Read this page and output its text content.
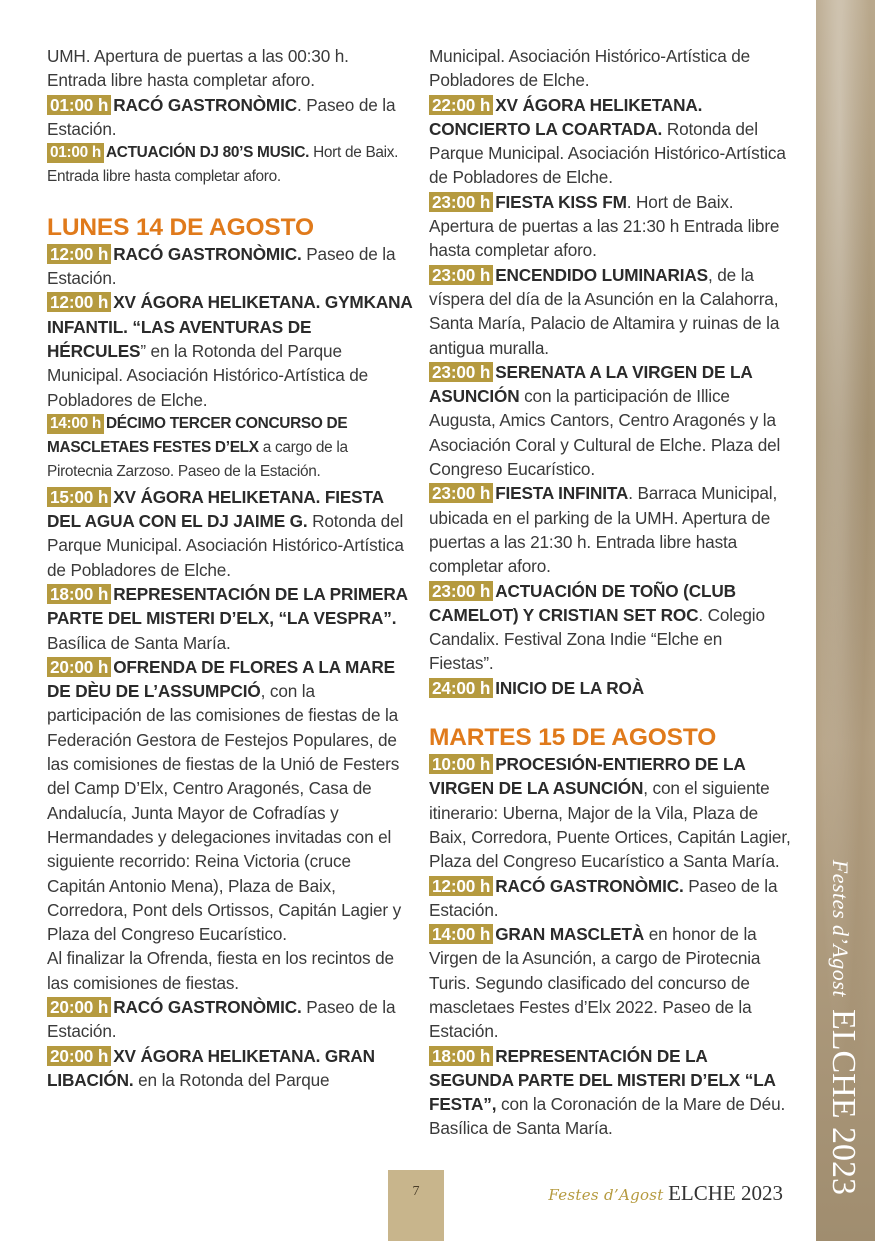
UMH. Apertura de puertas a las 00:30 h. Entrada libre hasta completar aforo.

01:00 h RACÓ GASTRONÒMIC. Paseo de la Estación.

01:00 h ACTUACIÓN DJ 80’S MUSIC. Hort de Baix. Entrada libre hasta completar aforo.

LUNES 14 DE AGOSTO

12:00 h RACÓ GASTRONÒMIC. Paseo de la Estación.

12:00 h XV ÁGORA HELIKETANA. GYMKANA INFANTIL. “LAS AVENTURAS DE HÉRCULES” en la Rotonda del Parque Municipal. Asociación Histórico-Artística de Pobladores de Elche.

14:00 h DÉCIMO TERCER CONCURSO DE MASCLETAES FESTES D’ELX a cargo de la Pirotecnia Zarzoso. Paseo de la Estación.

15:00 h XV ÁGORA HELIKETANA. FIESTA DEL AGUA CON EL DJ JAIME G. Rotonda del Parque Municipal. Asociación Histórico-Artística de Pobladores de Elche.

18:00 h REPRESENTACIÓN DE LA PRIMERA PARTE DEL MISTERI D’ELX, “LA VESPRA”. Basílica de Santa María.

20:00 h OFRENDA DE FLORES A LA MARE DE DÈU DE L’ASSUMPCIÓ, con la participación de las comisiones de fiestas de la Federación Gestora de Festejos Populares, de las comisiones de fiestas de la Unió de Festers del Camp D’Elx, Centro Aragonés, Casa de Andalucía, Junta Mayor de Cofradías y Hermandades y delegaciones invitadas con el siguiente recorrido: Reina Victoria (cruce Capitán Antonio Mena), Plaza de Baix, Corredora, Pont dels Ortissos, Capitán Lagier y Plaza del Congreso Eucarístico.

Al finalizar la Ofrenda, fiesta en los recintos de las comisiones de fiestas.

20:00 h RACÓ GASTRONÒMIC. Paseo de la Estación.

20:00 h XV ÁGORA HELIKETANA. GRAN LIBACIÓN. en la Rotonda del Parque

Municipal. Asociación Histórico-Artística de Pobladores de Elche.

22:00 h XV ÁGORA HELIKETANA. CONCIERTO LA COARTADA. Rotonda del Parque Municipal. Asociación Histórico-Artística de Pobladores de Elche.

23:00 h FIESTA KISS FM. Hort de Baix. Apertura de puertas a las 21:30 h Entrada libre hasta completar aforo.

23:00 h ENCENDIDO LUMINARIAS, de la víspera del día de la Asunción en la Calahorra, Santa María, Palacio de Altamira y ruinas de la antigua muralla.

23:00 h SERENATA A LA VIRGEN DE LA ASUNCIÓN con la participación de Illice Augusta, Amics Cantors, Centro Aragonés y la Asociación Coral y Cultural de Elche. Plaza del Congreso Eucarístico.

23:00 h FIESTA INFINITA. Barraca Municipal, ubicada en el parking de la UMH. Apertura de puertas a las 21:30 h. Entrada libre hasta completar aforo.

23:00 h ACTUACIÓN DE TOÑO (CLUB CAMELOT) Y CRISTIAN SET ROC. Colegio Candalix. Festival Zona Indie “Elche en Fiestas”.

24:00 h INICIO DE LA ROÀ

MARTES 15 DE AGOSTO

10:00 h PROCESIÓN-ENTIERRO DE LA VIRGEN DE LA ASUNCIÓN, con el siguiente itinerario: Uberna, Major de la Vila, Plaza de Baix, Corredora, Puente Ortices, Capitán Lagier, Plaza del Congreso Eucarístico a Santa María.

12:00 h RACÓ GASTRONÒMIC. Paseo de la Estación.

14:00 h GRAN MASCLETÀ en honor de la Virgen de la Asunción, a cargo de Pirotecnia Turis. Segundo clasificado del concurso de mascletaes Festes d’Elx 2022. Paseo de la Estación.

18:00 h REPRESENTACIÓN DE LA SEGUNDA PARTE DEL MISTERI D’ELX “LA FESTA”, con la Coronación de la Mare de Déu. Basílica de Santa María.

Festes d’Agost ELCHE 2023
7	Festes d’Agost ELCHE 2023
